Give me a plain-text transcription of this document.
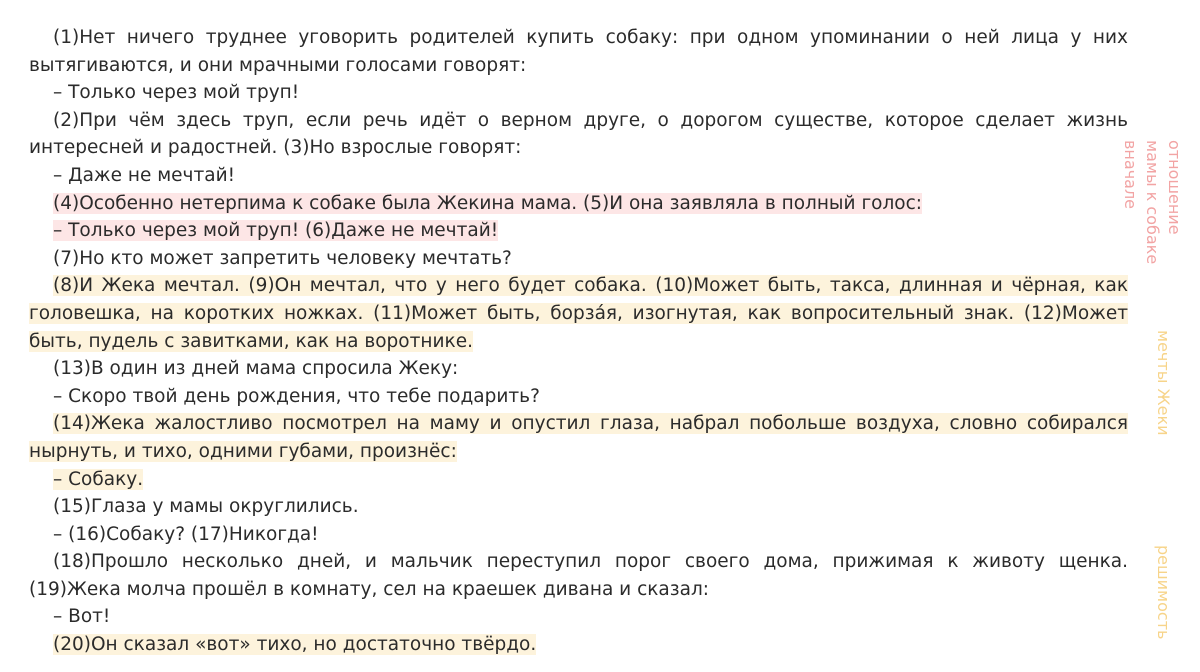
(1)Нет ничего труднее уговорить родителей купить собаку: при одном упоминании о ней лица у них вытягиваются, и они мрачными голосами говорят:

– Только через мой труп!

(2)При чём здесь труп, если речь идёт о верном друге, о дорогом существе, которое сделает жизнь интересней и радостней. (3)Но взрослые говорят:

– Даже не мечтай!

(4)Особенно нетерпима к собаке была Жекина мама. (5)И она заявляла в полный голос:

– Только через мой труп! (6)Даже не мечтай!

(7)Но кто может запретить человеку мечтать?

(8)И Жека мечтал. (9)Он мечтал, что у него будет собака. (10)Может быть, такса, длинная и чёрная, как головешка, на коротких ножках. (11)Может быть, борзáя, изогнутая, как вопросительный знак. (12)Может быть, пудель с завитками, как на воротнике.

(13)В один из дней мама спросила Жеку:

– Скоро твой день рождения, что тебе подарить?

(14)Жека жалостливо посмотрел на маму и опустил глаза, набрал побольше воздуха, словно собирался нырнуть, и тихо, одними губами, произнёс:

– Собаку.

(15)Глаза у мамы округлились.

– (16)Собаку? (17)Никогда!

(18)Прошло несколько дней, и мальчик переступил порог своего дома, прижимая к животу щенка. (19)Жека молча прошёл в комнату, сел на краешек дивана и сказал:

– Вот!

(20)Он сказал «вот» тихо, но достаточно твёрдо.

отношение
мамы к собаке
вначале
мечты Жеки
решимость
